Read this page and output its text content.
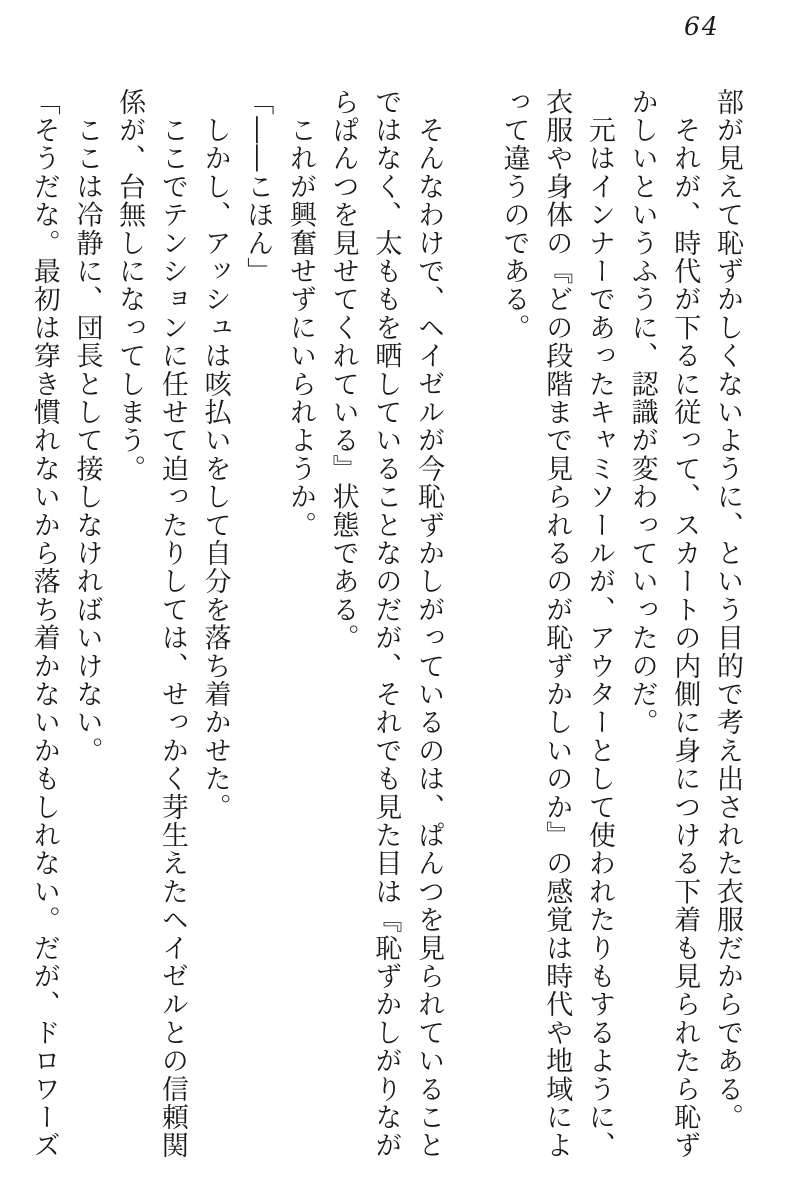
64

部が見えて恥ずかしくないように、という目的で考え出された衣服だからである。

　それが、時代が下るに従って、スカートの内側に身につける下着も見られたら恥ず

かしいというふうに、認識が変わっていったのだ。

　元はインナーであったキャミソールが、アウターとして使われたりもするように、

衣服や身体の『どの段階まで見られるのが恥ずかしいのか』の感覚は時代や地域によ

って違うのである。

　そんなわけで、ヘイゼルが今恥ずかしがっているのは、ぱんつを見られていること

ではなく、太ももを晒していることなのだが、それでも見た目は『恥ずかしがりなが

らぱんつを見せてくれている』状態である。

　これが興奮せずにいられようか。

「――こほん」

　しかし、アッシュは咳払いをして自分を落ち着かせた。

　ここでテンションに任せて迫ったりしては、せっかく芽生えたヘイゼルとの信頼関

係が、台無しになってしまう。

　ここは冷静に、団長として接しなければいけない。

「そうだな。最初は穿き慣れないから落ち着かないかもしれない。だが、ドロワーズ
